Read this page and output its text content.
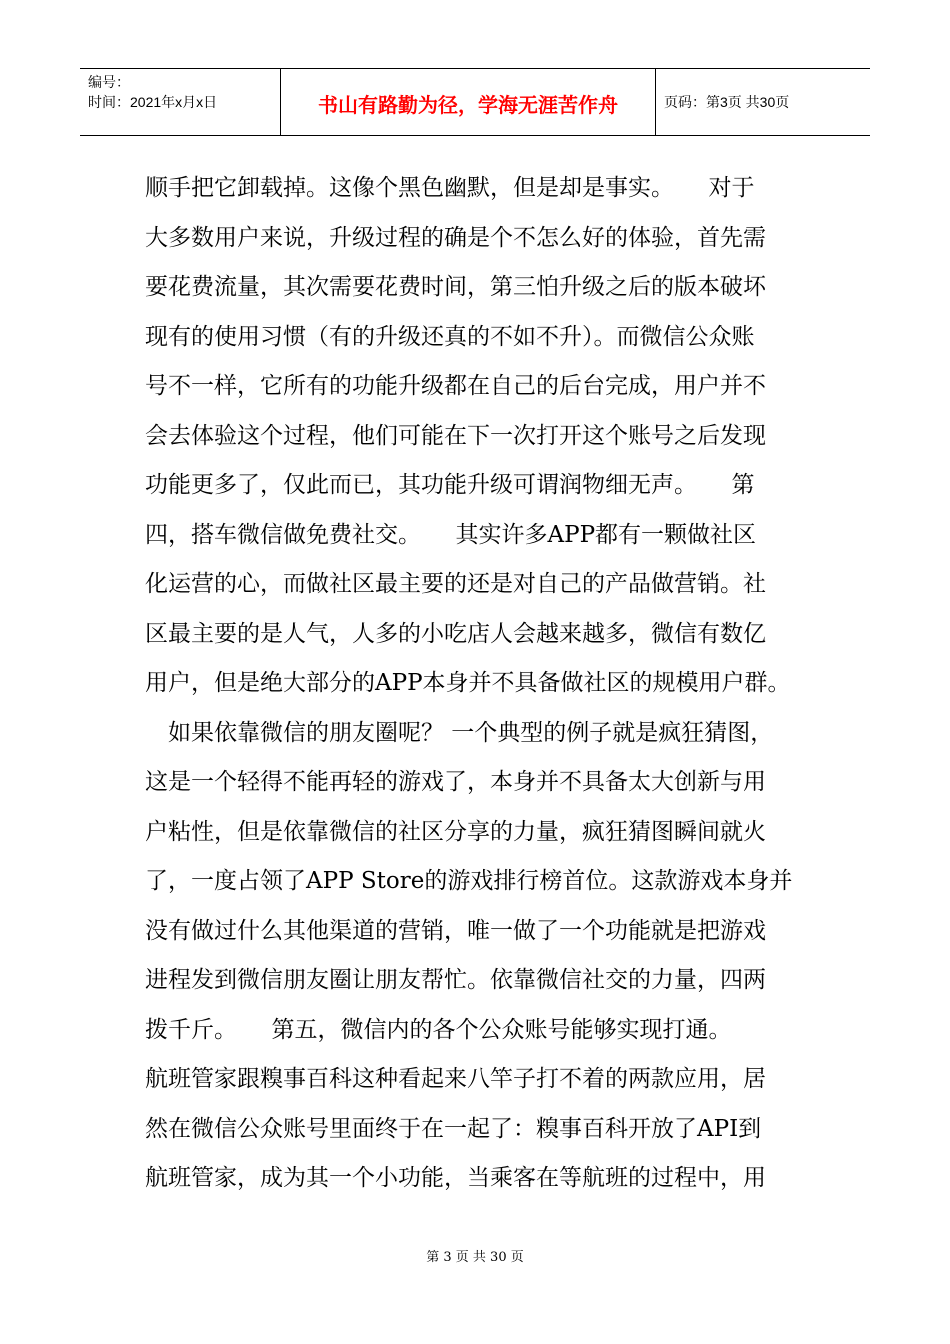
编号：
时间：2021年x月x日	书山有路勤为径，学海无涯苦作舟	页码：第3页 共30页
顺手把它卸载掉。这像个黑色幽默，但是却是事实。　　对于
大多数用户来说，升级过程的确是个不怎么好的体验，首先需
要花费流量，其次需要花费时间，第三怕升级之后的版本破坏
现有的使用习惯（有的升级还真的不如不升）。而微信公众账
号不一样，它所有的功能升级都在自己的后台完成，用户并不
会去体验这个过程，他们可能在下一次打开这个账号之后发现
功能更多了，仅此而已，其功能升级可谓润物细无声。　　第
四，搭车微信做免费社交。　　其实许多APP都有一颗做社区
化运营的心，而做社区最主要的还是对自己的产品做营销。社
区最主要的是人气，人多的小吃店人会越来越多，微信有数亿
用户，但是绝大部分的APP本身并不具备做社区的规模用户群。
　如果依靠微信的朋友圈呢？ 一个典型的例子就是疯狂猜图，
这是一个轻得不能再轻的游戏了，本身并不具备太大创新与用
户粘性，但是依靠微信的社区分享的力量，疯狂猜图瞬间就火
了，一度占领了APP Store的游戏排行榜首位。这款游戏本身并
没有做过什么其他渠道的营销，唯一做了一个功能就是把游戏
进程发到微信朋友圈让朋友帮忙。依靠微信社交的力量，四两
拨千斤。　　第五，微信内的各个公众账号能够实现打通。
航班管家跟糗事百科这种看起来八竿子打不着的两款应用，居
然在微信公众账号里面终于在一起了：糗事百科开放了API到
航班管家，成为其一个小功能，当乘客在等航班的过程中，用
第 3 页 共 30 页
